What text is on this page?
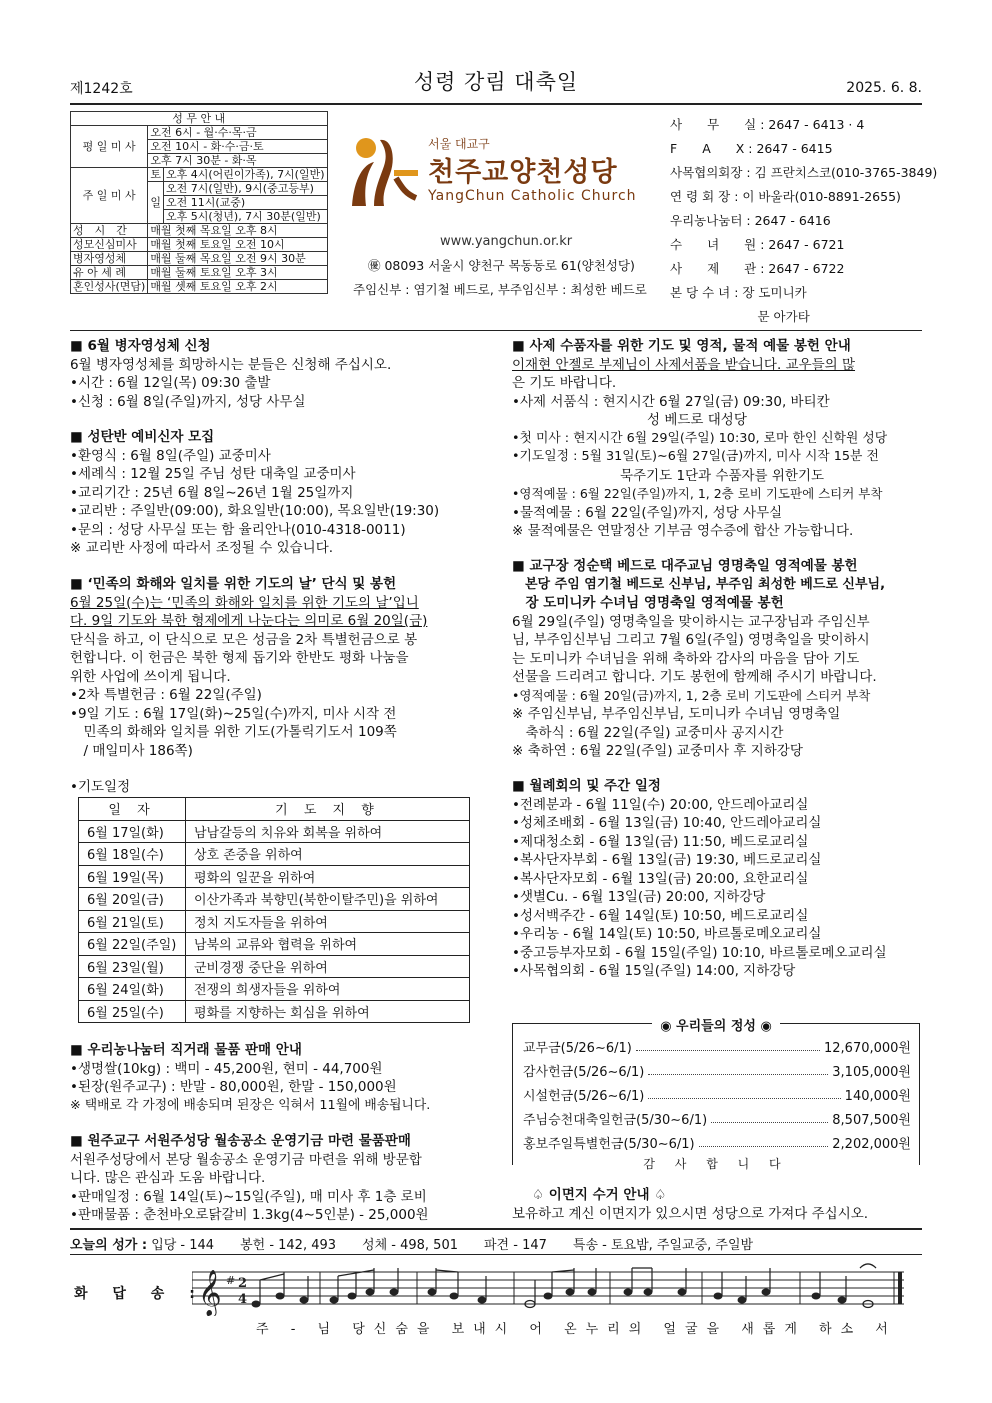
제1242호	성령 강림 대축일	2025. 6. 8.
성 무 안 내		
평 일 미 사	오전 6시 - 월·수·목·금	
	오전 10시 - 화·수·금·토	
	오후 7시 30분 - 화·목	
주 일 미 사	토	오후 4시(어린이가족), 7시(일반)
	일	오전 7시(일반), 9시(중고등부)
		오전 11시(교중)
		오후 5시(청년), 7시 30분(일반)
성　시　간	매월 첫째 목요일 오후 8시	
성모신심미사	매월 첫째 토요일 오전 10시	
병자영성체	매월 둘째 목요일 오전 9시 30분	
유 아 세 례	매월 둘째 토요일 오후 3시	
혼인성사(면담)	매월 셋째 토요일 오후 2시	
서울 대교구
천주교양천성당
YangChun Catholic Church
www.yangchun.or.kr
㊝ 08093 서울시 양천구 목동동로 61(양천성당)
주임신부 : 염기철 베드로, 부주임신부 : 최성한 베드로
사　　무　　실 : 2647 - 6413 · 4
F　　A　　X : 2647 - 6415
사목협의회장 : 김 프란치스코(010-3765-3849)
연 령 회 장 : 이 바울라(010-8891-2655)
우리농나눔터 : 2647 - 6416
수　　녀　　원 : 2647 - 6721
사　　제　　관 : 2647 - 6722
본 당 수 녀 : 장 도미니카
　　　　　　　문 아가타
■ 6월 병자영성체 신청

6월 병자영성체를 희망하시는 분들은 신청해 주십시오.

•시간 : 6월 12일(목) 09:30 출발

•신청 : 6월 8일(주일)까지, 성당 사무실

■ 성탄반 예비신자 모집

•환영식 : 6월 8일(주일) 교중미사

•세례식 : 12월 25일 주님 성탄 대축일 교중미사

•교리기간 : 25년 6월 8일∼26년 1월 25일까지

•교리반 : 주일반(09:00), 화요일반(10:00), 목요일반(19:30)

•문의 : 성당 사무실 또는 함 율리안나(010-4318-0011)

※ 교리반 사정에 따라서 조정될 수 있습니다.

■ ‘민족의 화해와 일치를 위한 기도의 날’ 단식 및 봉헌

6월 25일(수)는 ‘민족의 화해와 일치를 위한 기도의 날’입니

다. 9일 기도와 북한 형제에게 나눈다는 의미로 6월 20일(금)

단식을 하고, 이 단식으로 모은 성금을 2차 특별헌금으로 봉

헌합니다. 이 헌금은 북한 형제 돕기와 한반도 평화 나눔을

위한 사업에 쓰이게 됩니다.

•2차 특별헌금 : 6월 22일(주일)

•9일 기도 : 6월 17일(화)∼25일(수)까지, 미사 시작 전

　민족의 화해와 일치를 위한 기도(가톨릭기도서 109쪽

　/ 매일미사 186쪽)

•기도일정
일 자	기 도 지 향
6월 17일(화)	남남갈등의 치유와 회복을 위하여
6월 18일(수)	상호 존중을 위하여
6월 19일(목)	평화의 일꾼을 위하여
6월 20일(금)	이산가족과 북향민(북한이탈주민)을 위하여
6월 21일(토)	정치 지도자들을 위하여
6월 22일(주일)	남북의 교류와 협력을 위하여
6월 23일(월)	군비경쟁 중단을 위하여
6월 24일(화)	전쟁의 희생자들을 위하여
6월 25일(수)	평화를 지향하는 회심을 위하여
■ 우리농나눔터 직거래 물품 판매 안내

•생명쌀(10kg) : 백미 - 45,200원, 현미 - 44,700원

•된장(원주교구) : 반말 - 80,000원, 한말 - 150,000원

※ 택배로 각 가정에 배송되며 된장은 익혀서 11월에 배송됩니다.

■ 원주교구 서원주성당 월송공소 운영기금 마련 물품판매

서원주성당에서 본당 월송공소 운영기금 마련을 위해 방문합

니다. 많은 관심과 도움 바랍니다.

•판매일정 : 6월 14일(토)∼15일(주일), 매 미사 후 1층 로비

•판매물품 : 춘천바오로닭갈비 1.3kg(4∼5인분) - 25,000원

■ 사제 수품자를 위한 기도 및 영적, 물적 예물 봉헌 안내

이재현 안젤로 부제님이 사제서품을 받습니다. 교우들의 많

은 기도 바랍니다.

•사제 서품식 : 현지시간 6월 27일(금) 09:30, 바티칸

　　　　　　　　　　성 베드로 대성당

•첫 미사 : 현지시간 6월 29일(주일) 10:30, 로마 한인 신학원 성당

•기도일정 : 5월 31일(토)∼6월 27일(금)까지, 미사 시작 15분 전

　　　　　　　　묵주기도 1단과 수품자를 위한기도

•영적예물 : 6월 22일(주일)까지, 1, 2층 로비 기도판에 스티커 부착

•물적예물 : 6월 22일(주일)까지, 성당 사무실

※ 물적예물은 연말정산 기부금 영수증에 합산 가능합니다.

■ 교구장 정순택 베드로 대주교님 영명축일 영적예물 봉헌
　본당 주임 염기철 베드로 신부님, 부주임 최성한 베드로 신부님,
　장 도미니카 수녀님 영명축일 영적예물 봉헌

6월 29일(주일) 영명축일을 맞이하시는 교구장님과 주임신부

님, 부주임신부님 그리고 7월 6일(주일) 영명축일을 맞이하시

는 도미니카 수녀님을 위해 축하와 감사의 마음을 담아 기도

선물을 드리려고 합니다. 기도 봉헌에 함께해 주시기 바랍니다.

•영적예물 : 6월 20일(금)까지, 1, 2층 로비 기도판에 스티커 부착

※ 주임신부님, 부주임신부님, 도미니카 수녀님 영명축일

　축하식 : 6월 22일(주일) 교중미사 공지시간

※ 축하연 : 6월 22일(주일) 교중미사 후 지하강당

■ 월례회의 및 주간 일정

•전례분과 - 6월 11일(수) 20:00, 안드레아교리실

•성체조배회 - 6월 13일(금) 10:40, 안드레아교리실

•제대청소회 - 6월 13일(금) 11:50, 베드로교리실

•복사단자부회 - 6월 13일(금) 19:30, 베드로교리실

•복사단자모회 - 6월 13일(금) 20:00, 요한교리실

•샛별Cu. - 6월 13일(금) 20:00, 지하강당

•성서백주간 - 6월 14일(토) 10:50, 베드로교리실

•우리농 - 6월 14일(토) 10:50, 바르톨로메오교리실

•중고등부자모회 - 6월 15일(주일) 10:10, 바르톨로메오교리실

•사목협의회 - 6월 15일(주일) 14:00, 지하강당

◉ 우리들의 정성 ◉
교무금(5/26∼6/1)	12,670,000원
감사헌금(5/26∼6/1)	3,105,000원
시설헌금(5/26∼6/1)	140,000원
주님승천대축일헌금(5/30∼6/1)	8,507,500원
홍보주일특별헌금(5/30∼6/1)	2,202,000원
감 사 합 니 다
♤ 이면지 수거 안내 ♤

보유하고 계신 이면지가 있으시면 성당으로 가져다 주십시오.

오늘의 성가 : 입당 - 144　　봉헌 - 142, 493　　성체 - 498, 501　　파견 - 147　　특송 - 토요밤, 주일교중, 주일밤
화 답 송 :
𝄞 # 2
4
주 - 님 당신숨을 보내시 어 온누리의 얼굴을 새롭게 하소 서
